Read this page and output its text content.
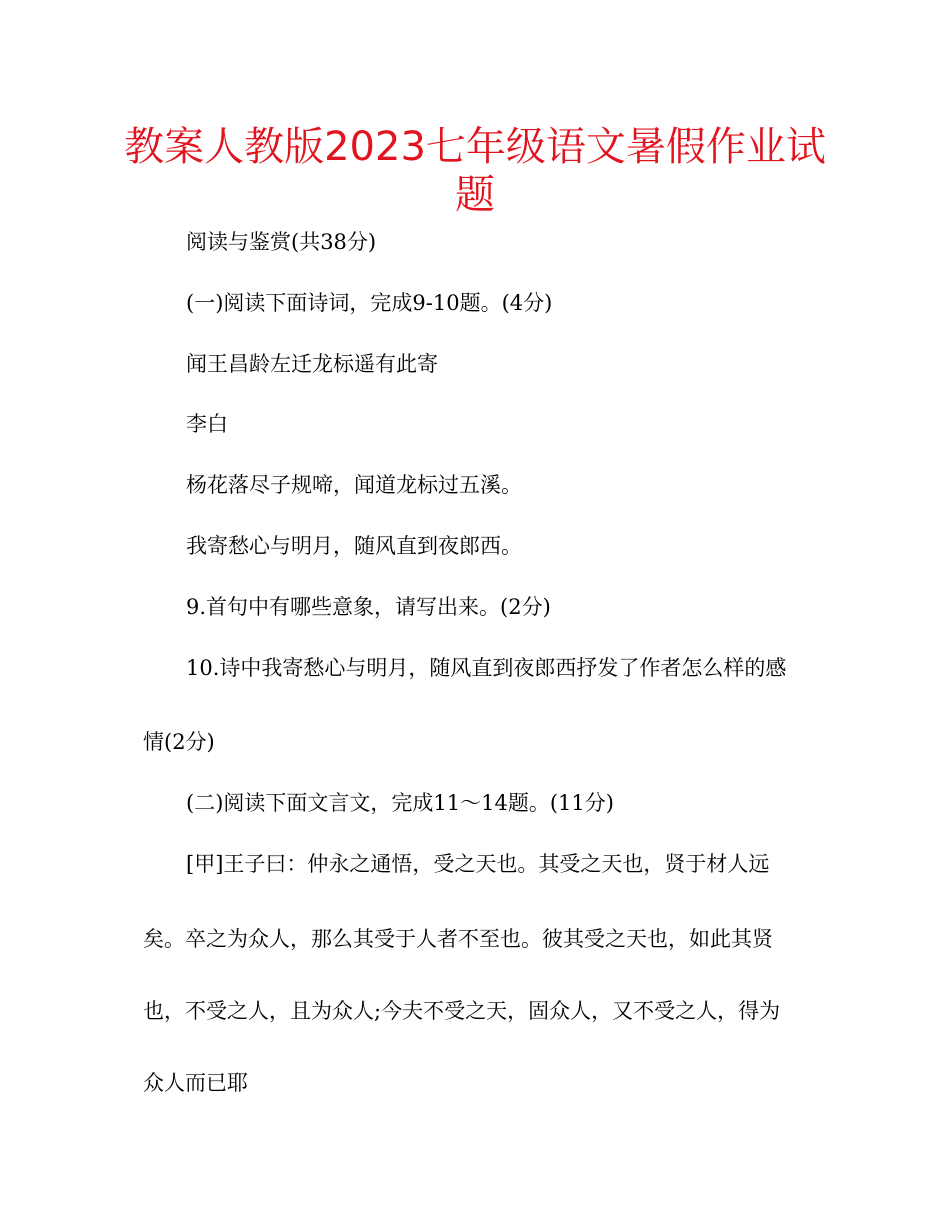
教案人教版2023七年级语文暑假作业试
题
阅读与鉴赏(共38分)
(一)阅读下面诗词，完成9-10题。(4分)
闻王昌龄左迁龙标遥有此寄
李白
杨花落尽子规啼，闻道龙标过五溪。
我寄愁心与明月，随风直到夜郎西。
9.首句中有哪些意象，请写出来。(2分)
10.诗中我寄愁心与明月，随风直到夜郎西抒发了作者怎么样的感
情(2分)
(二)阅读下面文言文，完成11～14题。(11分)
[甲]王子曰：仲永之通悟，受之天也。其受之天也，贤于材人远
矣。卒之为众人，那么其受于人者不至也。彼其受之天也，如此其贤
也，不受之人，且为众人;今夫不受之天，固众人，又不受之人，得为
众人而已耶
